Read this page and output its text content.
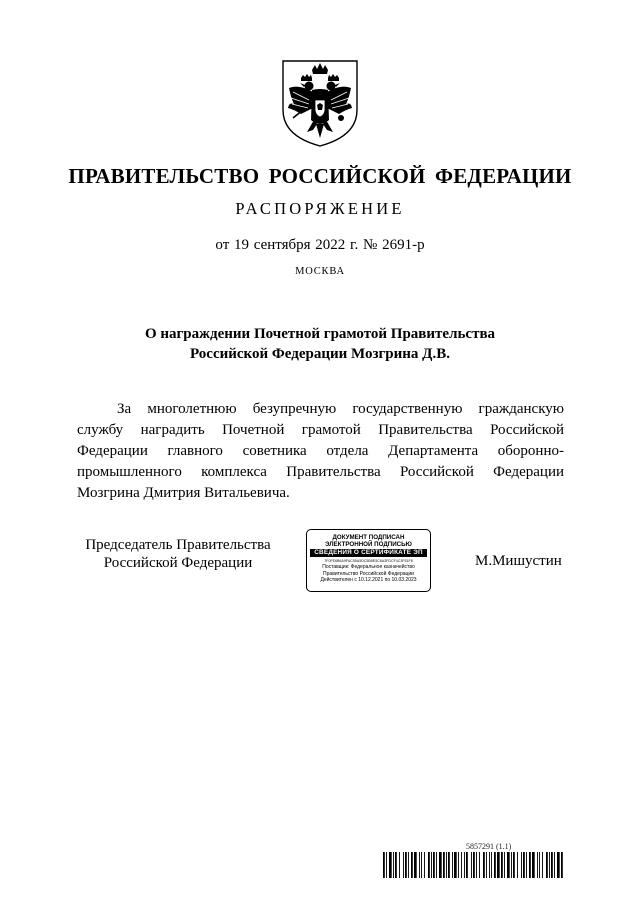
ПРАВИТЕЛЬСТВО РОССИЙСКОЙ ФЕДЕРАЦИИ
РАСПОРЯЖЕНИЕ
от 19 сентября 2022 г. № 2691-р
МОСКВА
О награждении Почетной грамотой Правительства
Российской Федерации Мозгрина Д.В.
За многолетнюю безупречную государственную гражданскую
службу наградить Почетной грамотой Правительства Российской
Федерации главного советника отдела Департамента оборонно-
промышленного комплекса Правительства Российской Федерации
Мозгрина Дмитрия Витальевича.
Председатель Правительства
Российской Федерации
ДОКУМЕНТ ПОДПИСАН
ЭЛЕКТРОННОЙ ПОДПИСЬЮ
СВЕДЕНИЯ О СЕРТИФИКАТЕ ЭП
7F0FE6B6A9FAC55A5DC5B8E5C6A3FDCF4C3F51F8
Поставщик: Федеральное казначейство
Правительство Российской Федерации
Действителен с 10.12.2021 по 10.03.2023
М.Мишустин
5857291 (1.1)
